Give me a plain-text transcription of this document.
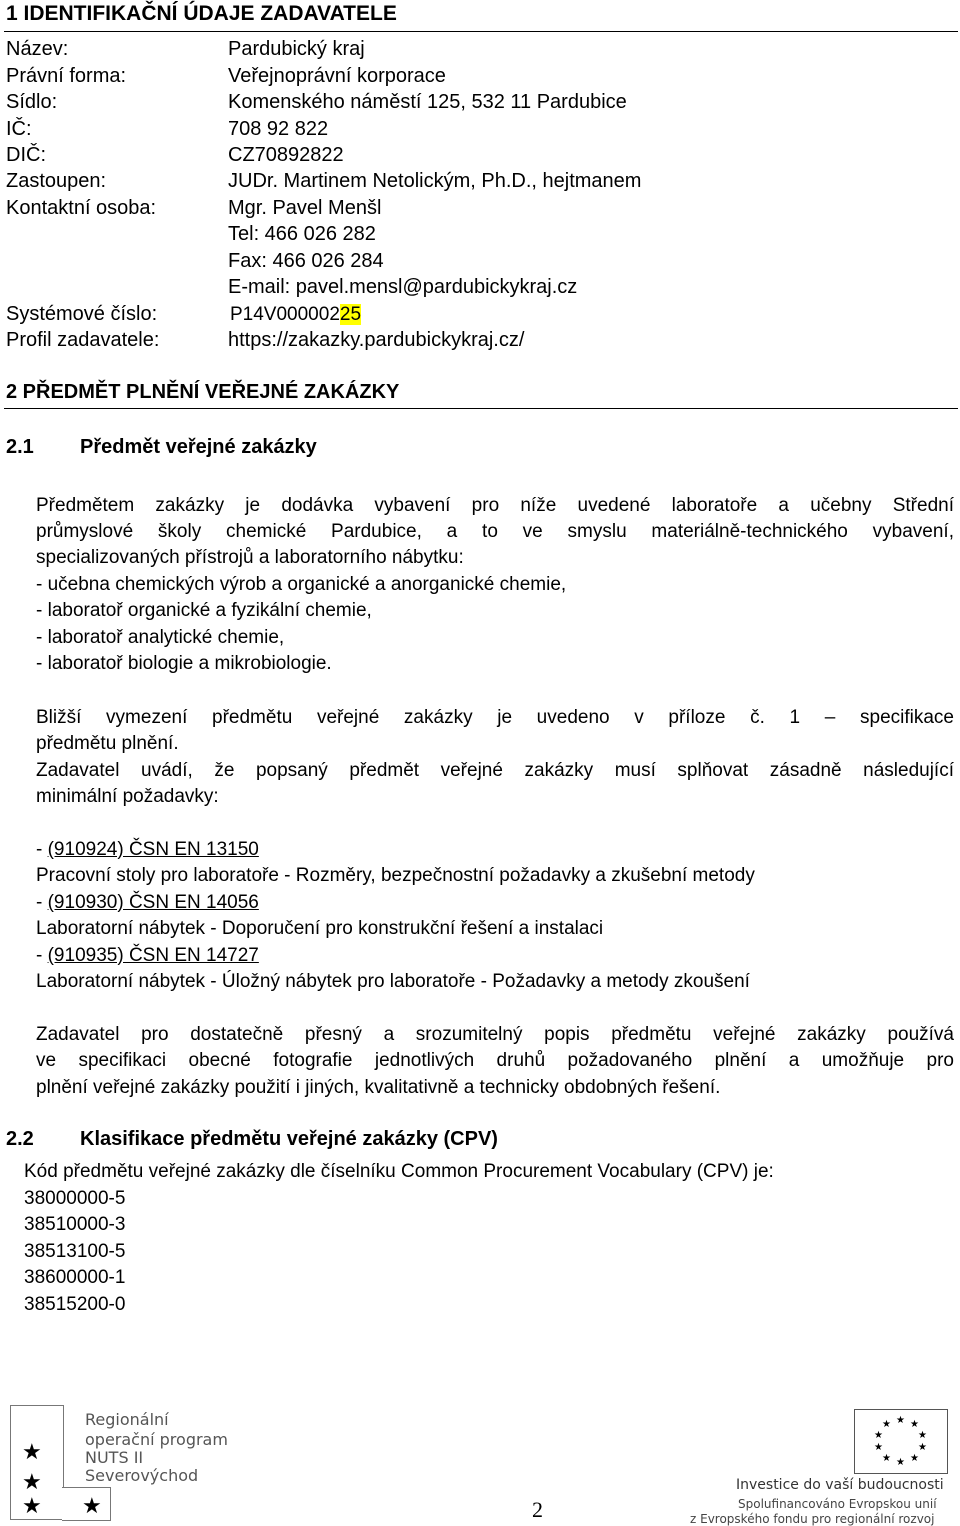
1 IDENTIFIKAČNÍ ÚDAJE ZADAVATELE
Název:	Pardubický kraj
Právní forma:	Veřejnoprávní korporace
Sídlo:	Komenského náměstí 125, 532 11 Pardubice
IČ:	708 92 822
DIČ:	CZ70892822
Zastoupen:	JUDr. Martinem Netolickým, Ph.D., hejtmanem
Kontaktní osoba:	Mgr. Pavel Menšl
Tel: 466 026 282
Fax: 466 026 284
E-mail: pavel.mensl@pardubickykraj.cz
Systémové číslo:	P14V00000225
Profil zadavatele:	https://zakazky.pardubickykraj.cz/
2 PŘEDMĚT PLNĚNÍ VEŘEJNÉ ZAKÁZKY
2.1 Předmět veřejné zakázky
Předmětem zakázky je dodávka vybavení pro níže uvedené laboratoře a učebny Střední
průmyslové školy chemické Pardubice, a to ve smyslu materiálně-technického vybavení,
specializovaných přístrojů a laboratorního nábytku:
- učebna chemických výrob a organické a anorganické chemie,
- laboratoř organické a fyzikální chemie,
- laboratoř analytické chemie,
- laboratoř biologie a mikrobiologie.
Bližší vymezení předmětu veřejné zakázky je uvedeno v příloze č. 1 – specifikace
předmětu plnění.
Zadavatel uvádí, že popsaný předmět veřejné zakázky musí splňovat zásadně následující
minimální požadavky:
- (910924) ČSN EN 13150
Pracovní stoly pro laboratoře - Rozměry, bezpečnostní požadavky a zkušební metody
- (910930) ČSN EN 14056
Laboratorní nábytek - Doporučení pro konstrukční řešení a instalaci
- (910935) ČSN EN 14727
Laboratorní nábytek - Úložný nábytek pro laboratoře - Požadavky a metody zkoušení
Zadavatel pro dostatečně přesný a srozumitelný popis předmětu veřejné zakázky používá
ve specifikaci obecné fotografie jednotlivých druhů požadovaného plnění a umožňuje pro
plnění veřejné zakázky použití i jiných, kvalitativně a technicky obdobných řešení.
2.2 Klasifikace předmětu veřejné zakázky (CPV)
Kód předmětu veřejné zakázky dle číselníku Common Procurement Vocabulary (CPV) je:
38000000-5
38510000-3
38513100-5
38600000-1
38515200-0
★
★
★ ★
Regionální
operační program
NUTS II Severovýchod
★ ★
★
★
★
★
★
★
★
★
Investice do vaší budoucnosti
Spolufinancováno Evropskou unií
z Evropského fondu pro regionální rozvoj
2
